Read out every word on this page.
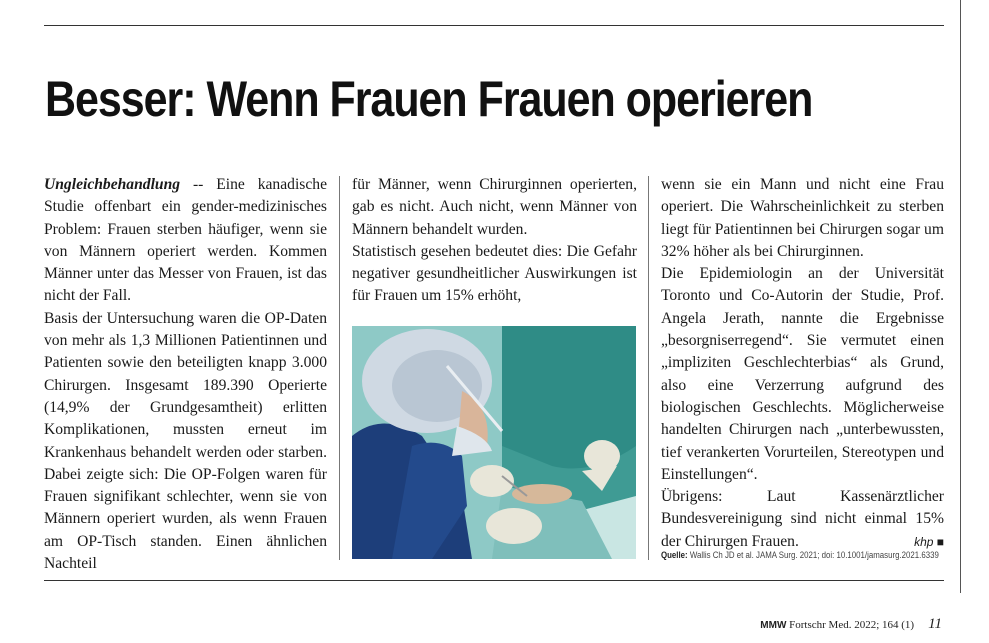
Besser: Wenn Frauen Frauen operieren

Ungleichbehandlung -- Eine kanadische Studie offenbart ein gender-medizinisches Problem: Frauen sterben häufiger, wenn sie von Männern operiert werden. Kommen Männer unter das Messer von Frauen, ist das nicht der Fall.

Basis der Untersuchung waren die OP-Daten von mehr als 1,3 Millionen Patientinnen und Patienten sowie den beteiligten knapp 3.000 Chirurgen. Insgesamt 189.390 Operierte (14,9% der Grundgesamtheit) erlitten Komplikationen, mussten erneut im Krankenhaus behandelt werden oder starben. Dabei zeigte sich: Die OP-Folgen waren für Frauen signifikant schlechter, wenn sie von Männern operiert wurden, als wenn Frauen am OP-Tisch standen. Einen ähnlichen Nachteil

für Männer, wenn Chirurginnen operierten, gab es nicht. Auch nicht, wenn Männer von Männern behandelt wurden.

Statistisch gesehen bedeutet dies: Die Gefahr negativer gesundheitlicher Auswirkungen ist für Frauen um 15% erhöht,

wenn sie ein Mann und nicht eine Frau operiert. Die Wahrscheinlichkeit zu sterben liegt für Patientinnen bei Chirurgen sogar um 32% höher als bei Chirurginnen.

Die Epidemiologin an der Universität Toronto und Co-Autorin der Studie, Prof. Angela Jerath, nannte die Ergebnisse „besorgniserregend“. Sie vermutet einen „impliziten Geschlechterbias“ als Grund, also eine Verzerrung aufgrund des biologischen Geschlechts. Möglicherweise handelten Chirurgen nach „unterbewussten, tief verankerten Vorurteilen, Stereotypen und Einstellungen“.

Übrigens: Laut Kassenärztlicher Bundesvereinigung sind nicht einmal 15% der Chirurgen Frauen.	khp ■

Quelle: Wallis Ch JD et al. JAMA Surg. 2021; doi: 10.1001/jamasurg.2021.6339
MMW Fortschr Med. 2022; 164 (1) 11
